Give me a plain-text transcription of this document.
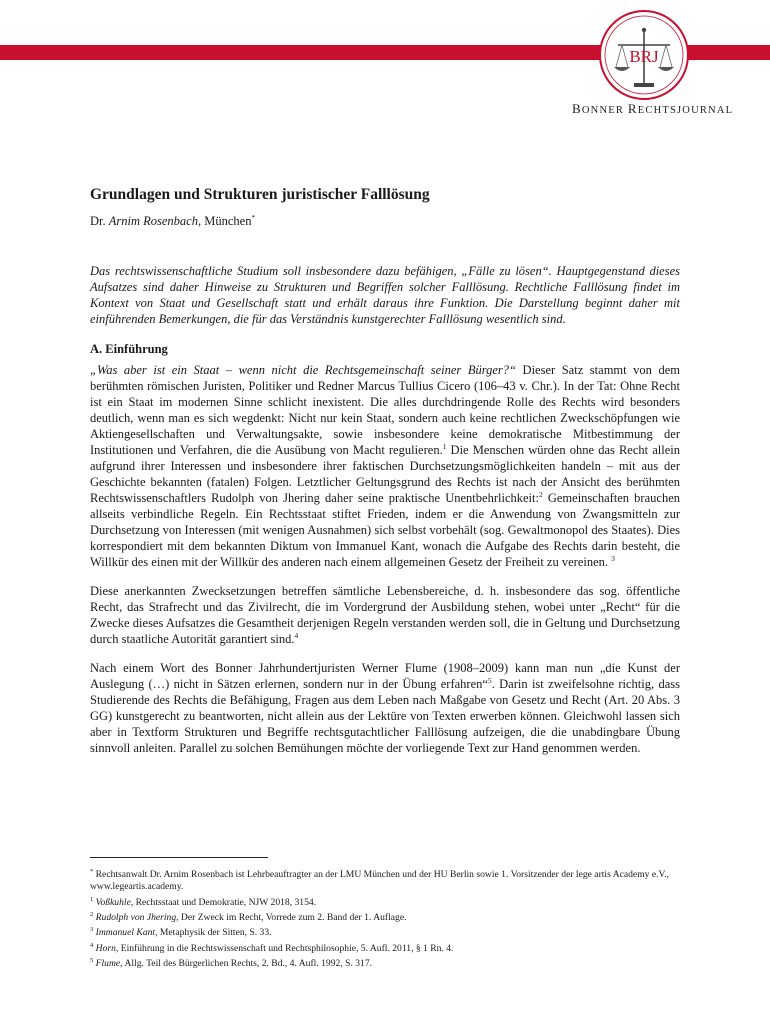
BRJ
BONNER RECHTSJOURNAL
Grundlagen und Strukturen juristischer Falllösung
Dr. Arnim Rosenbach, München*
Das rechtswissenschaftliche Studium soll insbesondere dazu befähigen, „Fälle zu lösen“. Hauptgegenstand dieses Aufsatzes sind daher Hinweise zu Strukturen und Begriffen solcher Falllösung. Rechtliche Falllösung findet im Kontext von Staat und Gesellschaft statt und erhält daraus ihre Funktion. Die Darstellung beginnt daher mit einführenden Bemerkungen, die für das Verständnis kunstgerechter Falllösung wesentlich sind.
A. Einführung

„Was aber ist ein Staat – wenn nicht die Rechtsgemeinschaft seiner Bürger?“ Dieser Satz stammt von dem berühmten römischen Juristen, Politiker und Redner Marcus Tullius Cicero (106–43 v. Chr.). In der Tat: Ohne Recht ist ein Staat im modernen Sinne schlicht inexistent. Die alles durchdringende Rolle des Rechts wird besonders deutlich, wenn man es sich wegdenkt: Nicht nur kein Staat, sondern auch keine rechtlichen Zweckschöpfungen wie Aktiengesellschaften und Verwaltungsakte, sowie insbesondere keine demokratische Mitbestimmung der Institutionen und Verfahren, die die Ausübung von Macht regulieren.$^1$ Die Menschen würden ohne das Recht allein aufgrund ihrer Interessen und insbesondere ihrer faktischen Durchsetzungsmöglichkeiten handeln – mit aus der Geschichte bekannten (fatalen) Folgen. Letztlicher Geltungsgrund des Rechts ist nach der Ansicht des berühmten Rechtswissenschaftlers Rudolph von Jhering daher seine praktische Unentbehrlichkeit:$^2$ Gemeinschaften brauchen allseits verbindliche Regeln. Ein Rechtsstaat stiftet Frieden, indem er die Anwendung von Zwangsmitteln zur Durchsetzung von Interessen (mit wenigen Ausnahmen) sich selbst vorbehält (sog. Gewaltmonopol des Staates). Dies korrespondiert mit dem bekannten Diktum von Immanuel Kant, wonach die Aufgabe des Rechts darin besteht, die Willkür des einen mit der Willkür des anderen nach einem allgemeinen Gesetz der Freiheit zu vereinen. $^3$

Diese anerkannten Zwecksetzungen betreffen sämtliche Lebensbereiche, d. h. insbesondere das sog. öffentliche Recht, das Strafrecht und das Zivilrecht, die im Vordergrund der Ausbildung stehen, wobei unter „Recht“ für die Zwecke dieses Aufsatzes die Gesamtheit derjenigen Regeln verstanden werden soll, die in Geltung und Durchsetzung durch staatliche Autorität garantiert sind.$^4$

Nach einem Wort des Bonner Jahrhundertjuristen Werner Flume (1908–2009) kann man nun „die Kunst der Auslegung (…) nicht in Sätzen erlernen, sondern nur in der Übung erfahren“$^5$. Darin ist zweifelsohne richtig, dass Studierende des Rechts die Befähigung, Fragen aus dem Leben nach Maßgabe von Gesetz und Recht (Art. 20 Abs. 3 GG) kunstgerecht zu beantworten, nicht allein aus der Lektüre von Texten erwerben können. Gleichwohl lassen sich aber in Textform Strukturen und Begriffe rechtsgutachtlicher Falllösung aufzeigen, die die unabdingbare Übung sinnvoll anleiten. Parallel zu solchen Bemühungen möchte der vorliegende Text zur Hand genommen werden.

* Rechtsanwalt Dr. Arnim Rosenbach ist Lehrbeauftragter an der LMU München und der HU Berlin sowie 1. Vorsitzender der lege artis Academy e.V., www.legeartis.academy.
$^1$ Voßkuhle, Rechtsstaat und Demokratie, NJW 2018, 3154.
$^2$ Rudolph von Jhering, Der Zweck im Recht, Vorrede zum 2. Band der 1. Auflage.
$^3$ Immanuel Kant, Metaphysik der Sitten, S. 33.
$^4$ Horn, Einführung in die Rechtswissenschaft und Rechtsphilosophie, 5. Aufl. 2011, § 1 Rn. 4.
$^5$ Flume, Allg. Teil des Bürgerlichen Rechts, 2. Bd., 4. Aufl. 1992, S. 317.
